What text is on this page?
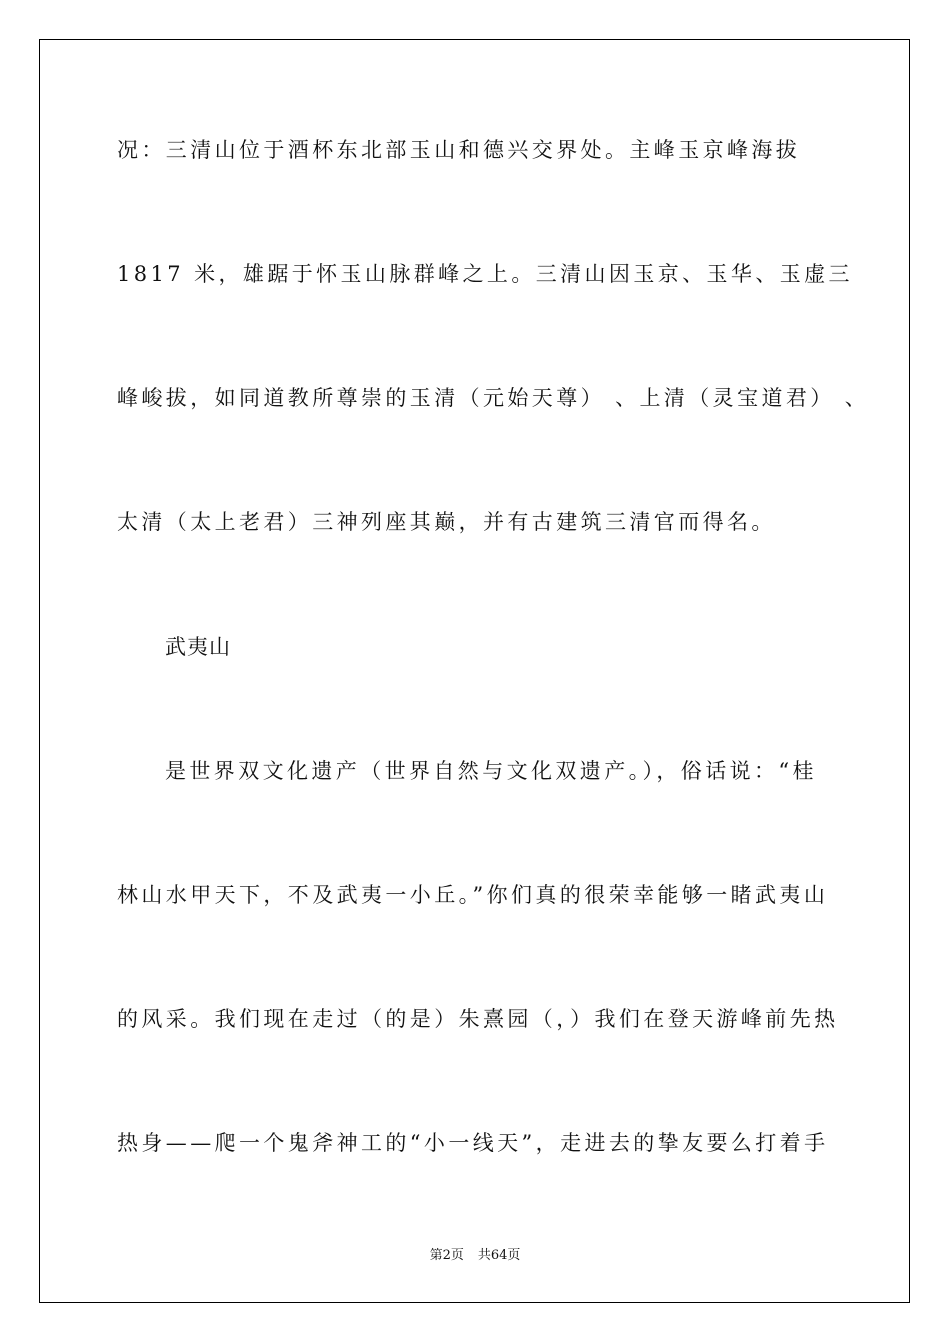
况：三清山位于酒杯东北部玉山和德兴交界处。主峰玉京峰海拔
1817 米，雄踞于怀玉山脉群峰之上。三清山因玉京、玉华、玉虚三
峰峻拔，如同道教所尊崇的玉清（元始天尊） 、上清（灵宝道君） 、
太清（太上老君）三神列座其巅，并有古建筑三清官而得名。
武夷山
是世界双文化遗产（世界自然与文化双遗产。），俗话说：“桂
林山水甲天下，不及武夷一小丘。”你们真的很荣幸能够一睹武夷山
的风采。我们现在走过（的是）朱熹园（，）我们在登天游峰前先热
热身——爬一个鬼斧神工的“小一线天”，走进去的挚友要么打着手
第2页 共64页
